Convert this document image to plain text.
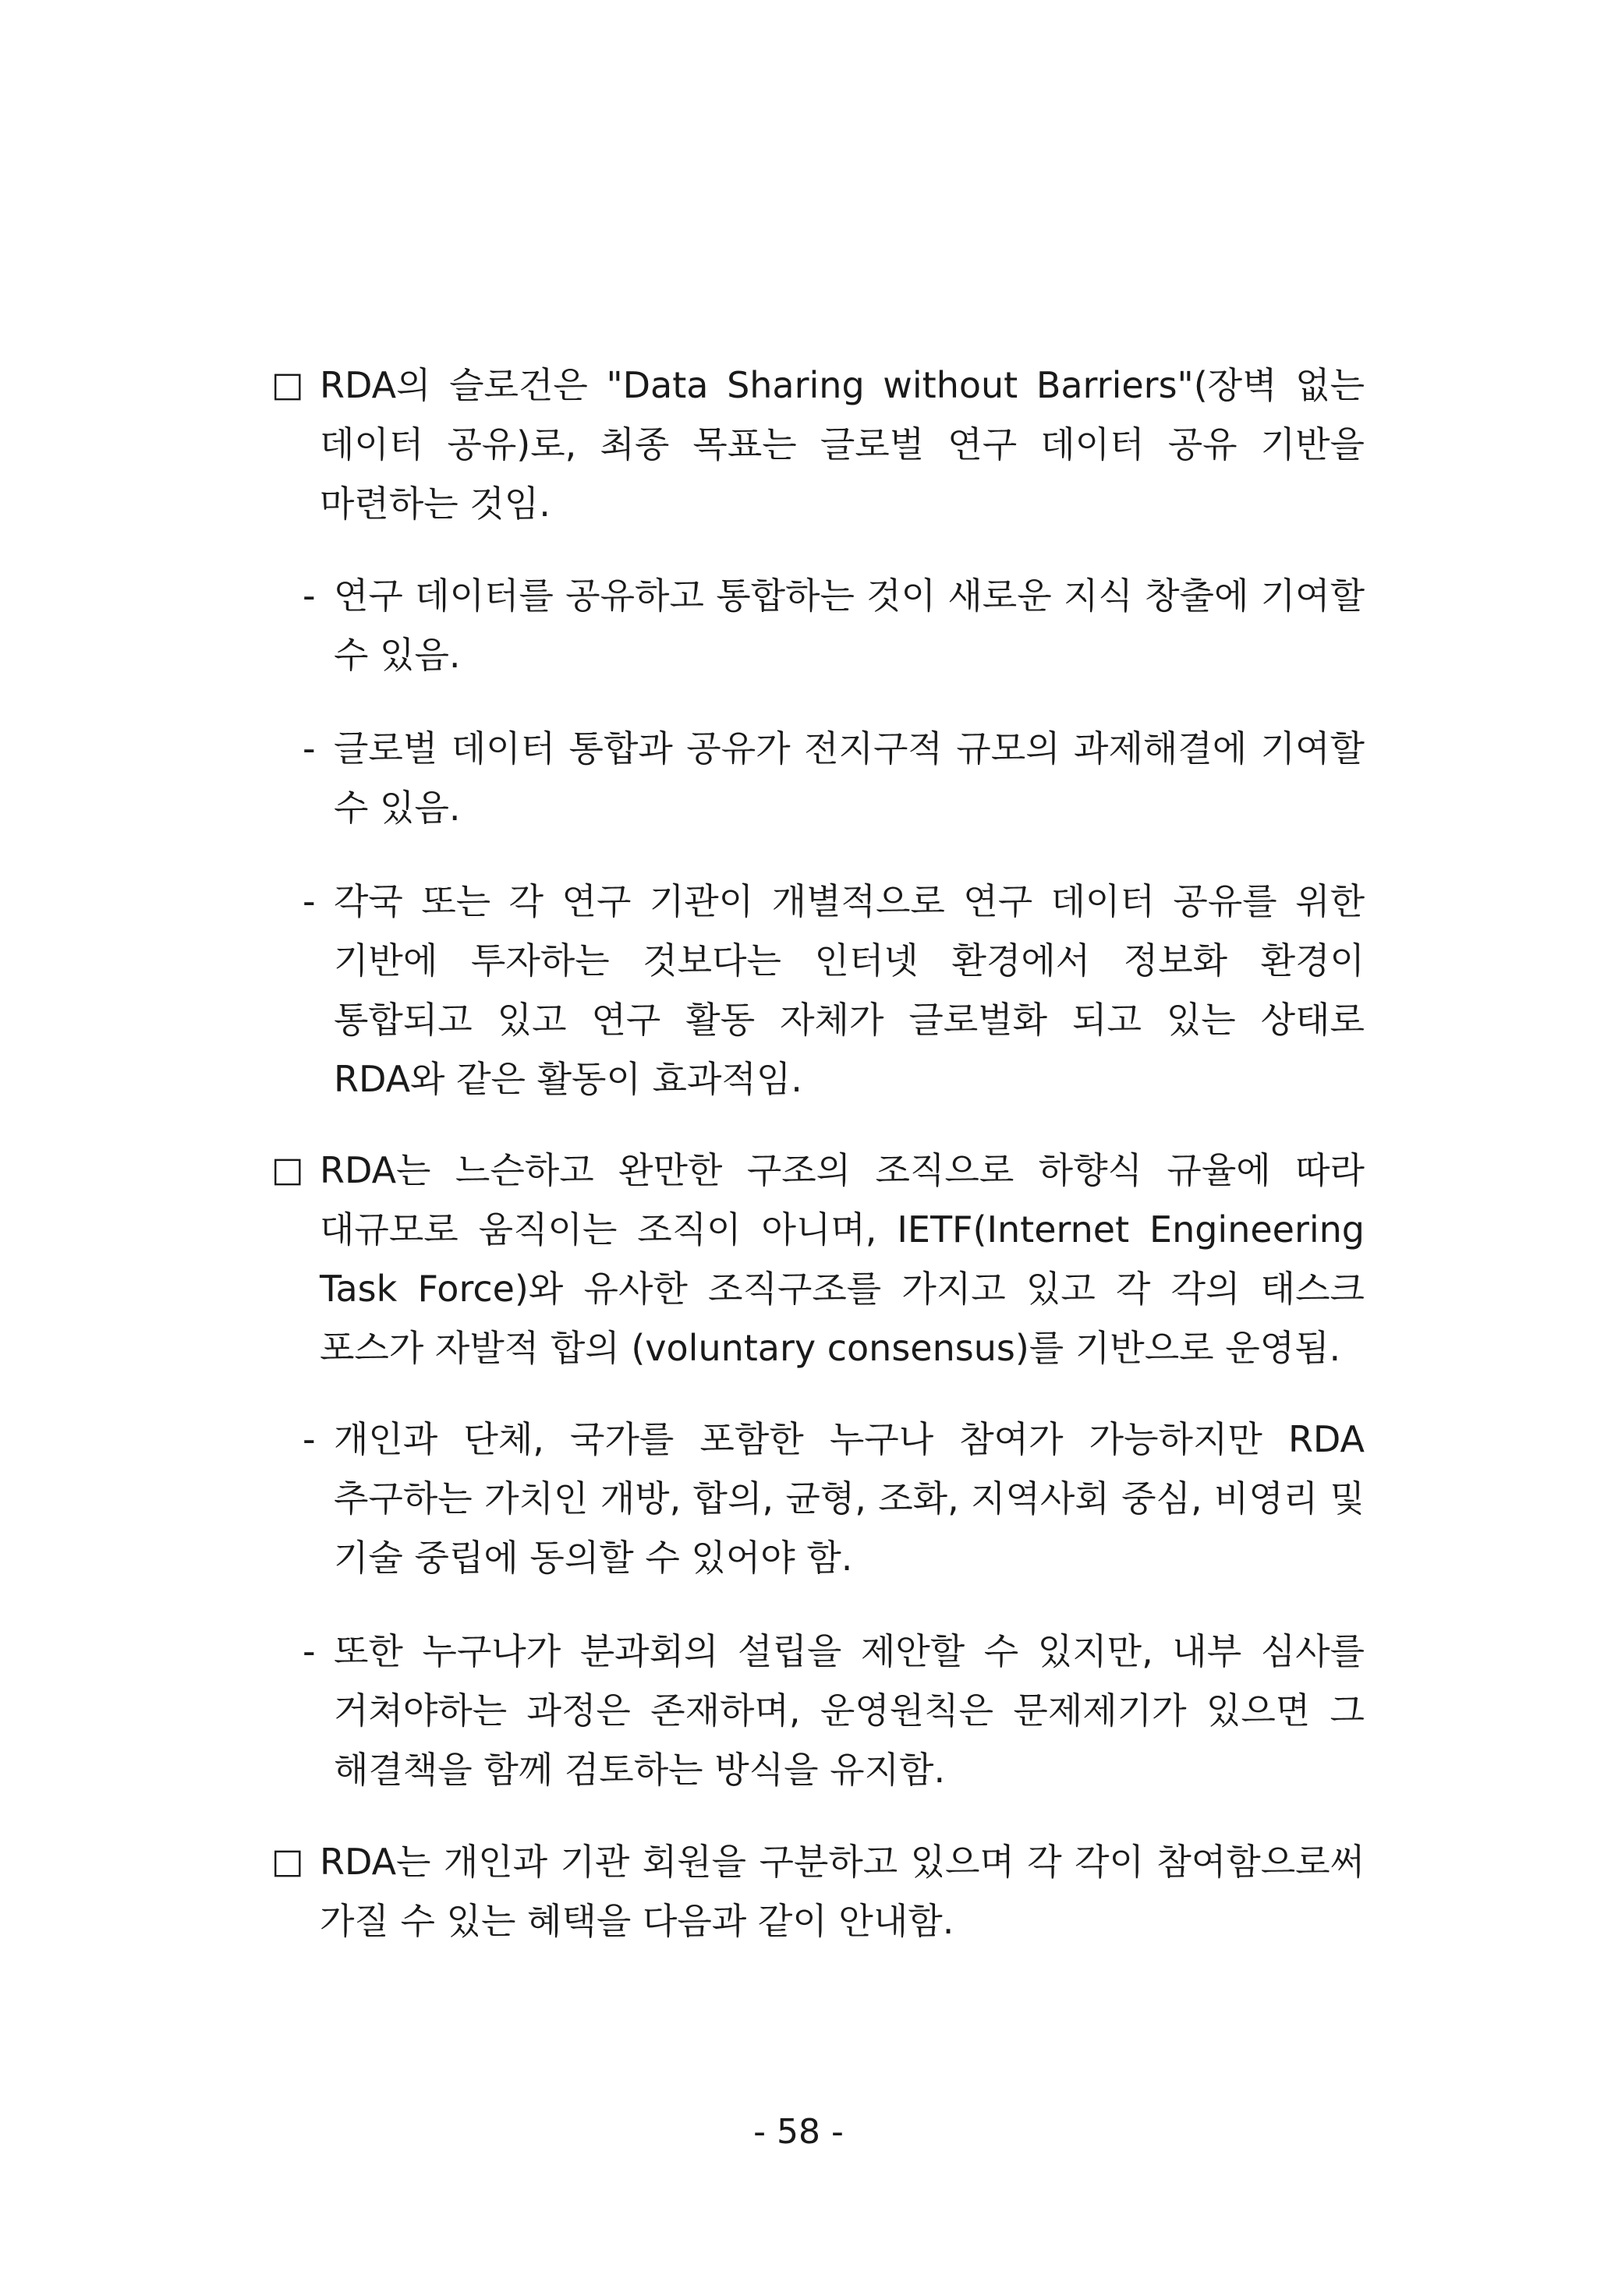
□ RDA의 슬로건은 "Data Sharing without Barriers"(장벽 없는 데이터 공유)로, 최종 목표는 글로벌 연구 데이터 공유 기반을 마련하는 것임.
- 연구 데이터를 공유하고 통합하는 것이 새로운 지식 창출에 기여할 수 있음.
- 글로벌 데이터 통합과 공유가 전지구적 규모의 과제해결에 기여할 수 있음.
- 각국 또는 각 연구 기관이 개별적으로 연구 데이터 공유를 위한 기반에 투자하는 것보다는 인터넷 환경에서 정보화 환경이 통합되고 있고 연구 활동 자체가 글로벌화 되고 있는 상태로 RDA와 같은 활동이 효과적임.
□ RDA는 느슨하고 완만한 구조의 조직으로 하향식 규율에 따라 대규모로 움직이는 조직이 아니며, IETF(Internet Engineering Task Force)와 유사한 조직구조를 가지고 있고 각 각의 태스크 포스가 자발적 합의 (voluntary consensus)를 기반으로 운영됨.
- 개인과 단체, 국가를 포함한 누구나 참여가 가능하지만 RDA 추구하는 가치인 개방, 합의, 균형, 조화, 지역사회 중심, 비영리 및 기술 중립에 동의할 수 있어야 함.
- 또한 누구나가 분과회의 설립을 제안할 수 있지만, 내부 심사를 거쳐야하는 과정은 존재하며, 운영원칙은 문제제기가 있으면 그 해결책을 함께 검토하는 방식을 유지함.
□ RDA는 개인과 기관 회원을 구분하고 있으며 각 각이 참여함으로써 가질 수 있는 혜택을 다음과 같이 안내함.
- 58 -
